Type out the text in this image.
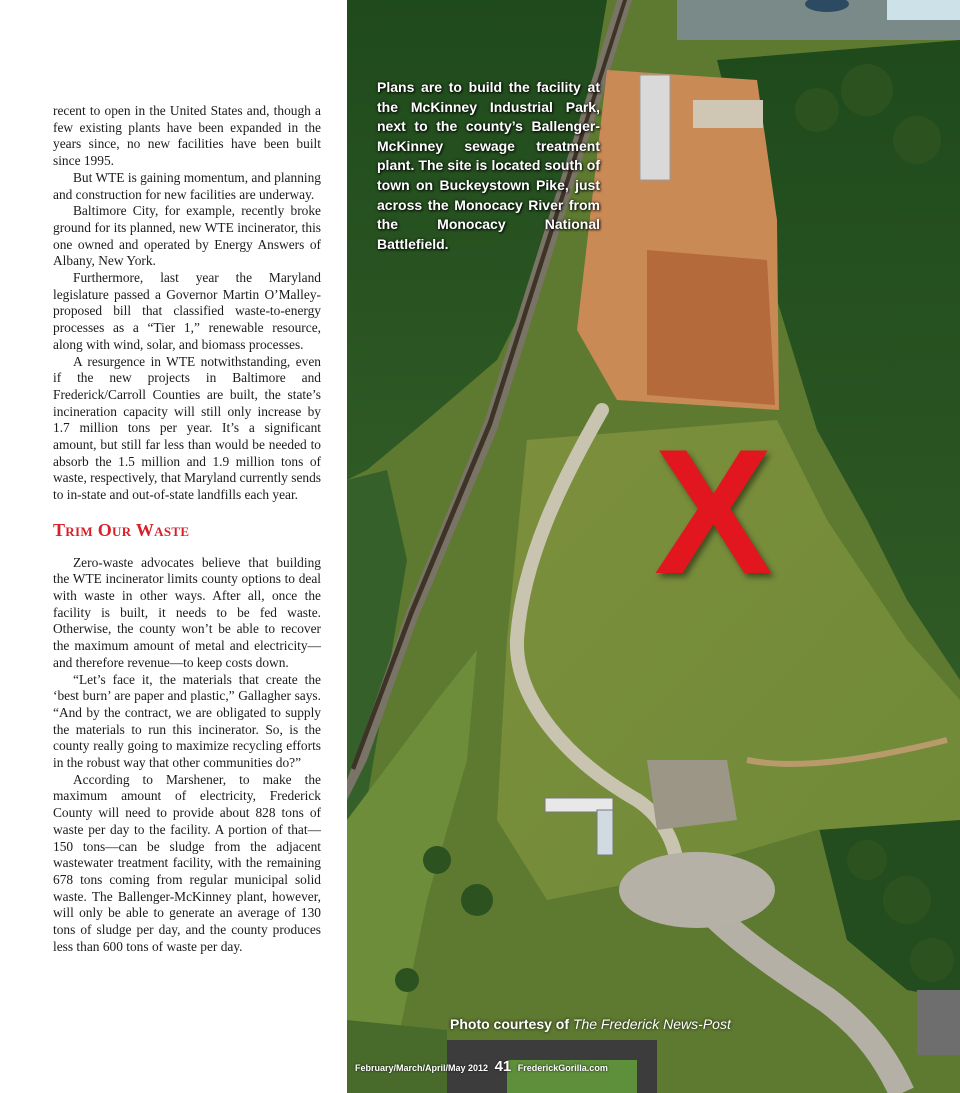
recent to open in the United States and, though a few existing plants have been expanded in the years since, no new facilities have been built since 1995.

But WTE is gaining momentum, and planning and construction for new facilities are underway.

Baltimore City, for example, recently broke ground for its planned, new WTE incinerator, this one owned and operated by Energy Answers of Albany, New York.

Furthermore, last year the Maryland legislature passed a Governor Martin O’Malley-proposed bill that classified waste-to-energy processes as a “Tier 1,” renewable resource, along with wind, solar, and biomass processes.

A resurgence in WTE notwithstanding, even if the new projects in Baltimore and Frederick/Carroll Counties are built, the state’s incineration capacity will still only increase by 1.7 million tons per year. It’s a significant amount, but still far less than would be needed to absorb the 1.5 million and 1.9 million tons of waste, respectively, that Maryland currently sends to in-state and out-of-state landfills each year.

Trim Our Waste

Zero-waste advocates believe that building the WTE incinerator limits county options to deal with waste in other ways. After all, once the facility is built, it needs to be fed waste. Otherwise, the county won’t be able to recover the maximum amount of metal and electricity—and therefore revenue—to keep costs down.

“Let’s face it, the materials that create the ‘best burn’ are paper and plastic,” Gallagher says. “And by the contract, we are obligated to supply the materials to run this incinerator. So, is the county really going to maximize recycling efforts in the robust way that other communities do?”

According to Marshener, to make the maximum amount of electricity, Frederick County will need to provide about 828 tons of waste per day to the facility. A portion of that—150 tons—can be sludge from the adjacent wastewater treatment facility, with the remaining 678 tons coming from regular municipal solid waste. The Ballenger-McKinney plant, however, will only be able to generate an average of 130 tons of sludge per day, and the county produces less than 600 tons of waste per day.

Plans are to build the facility at the McKinney Industrial Park, next to the county’s Ballenger-McKinney sewage treatment plant. The site is located south of town on Buckeystown Pike, just across the Monocacy River from the Monocacy National Battlefield.
X
Photo courtesy of The Frederick News-Post
February/March/April/May 2012 41 FrederickGorilla.com
